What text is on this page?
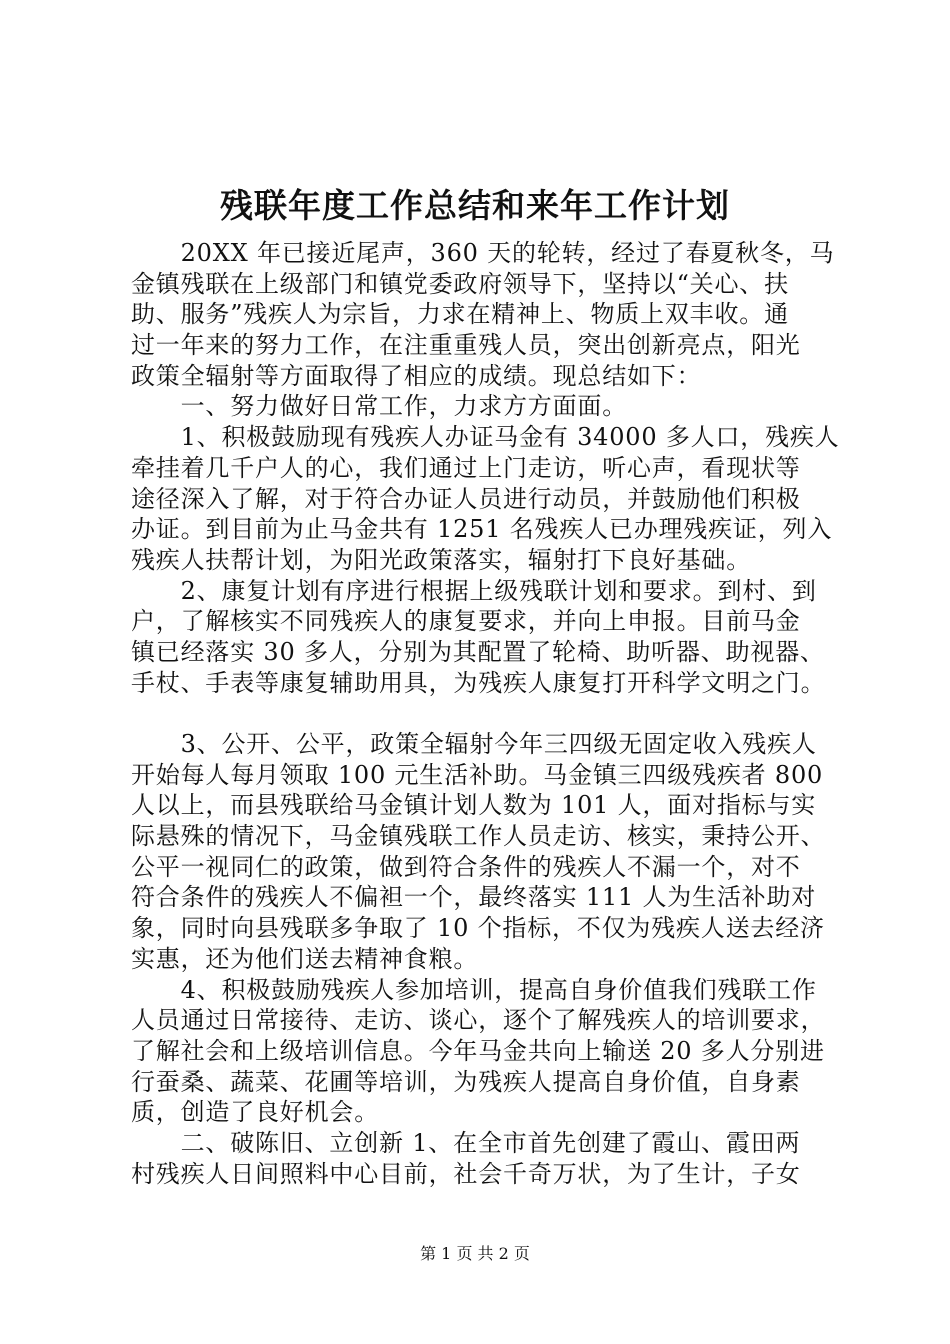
残联年度工作总结和来年工作计划
　　20XX 年已接近尾声，360 天的轮转，经过了春夏秋冬，马
金镇残联在上级部门和镇党委政府领导下，坚持以“关心、扶
助、服务”残疾人为宗旨，力求在精神上、物质上双丰收。通
过一年来的努力工作，在注重重残人员，突出创新亮点，阳光
政策全辐射等方面取得了相应的成绩。现总结如下：
　　一、努力做好日常工作，力求方方面面。
　　1、积极鼓励现有残疾人办证马金有 34000 多人口，残疾人
牵挂着几千户人的心，我们通过上门走访，听心声，看现状等
途径深入了解，对于符合办证人员进行动员，并鼓励他们积极
办证。到目前为止马金共有 1251 名残疾人已办理残疾证，列入
残疾人扶帮计划，为阳光政策落实，辐射打下良好基础。
　　2、康复计划有序进行根据上级残联计划和要求。到村、到
户，了解核实不同残疾人的康复要求，并向上申报。目前马金
镇已经落实 30 多人，分别为其配置了轮椅、助听器、助视器、
手杖、手表等康复辅助用具，为残疾人康复打开科学文明之门。
　　3、公开、公平，政策全辐射今年三四级无固定收入残疾人
开始每人每月领取 100 元生活补助。马金镇三四级残疾者 800
人以上，而县残联给马金镇计划人数为 101 人，面对指标与实
际悬殊的情况下，马金镇残联工作人员走访、核实，秉持公开、
公平一视同仁的政策，做到符合条件的残疾人不漏一个，对不
符合条件的残疾人不偏袒一个，最终落实 111 人为生活补助对
象，同时向县残联多争取了 10 个指标，不仅为残疾人送去经济
实惠，还为他们送去精神食粮。
　　4、积极鼓励残疾人参加培训，提高自身价值我们残联工作
人员通过日常接待、走访、谈心，逐个了解残疾人的培训要求，
了解社会和上级培训信息。今年马金共向上输送 20 多人分别进
行蚕桑、蔬菜、花圃等培训，为残疾人提高自身价值，自身素
质，创造了良好机会。
　　二、破陈旧、立创新 1、在全市首先创建了霞山、霞田两
村残疾人日间照料中心目前，社会千奇万状，为了生计，子女
第 1 页 共 2 页
